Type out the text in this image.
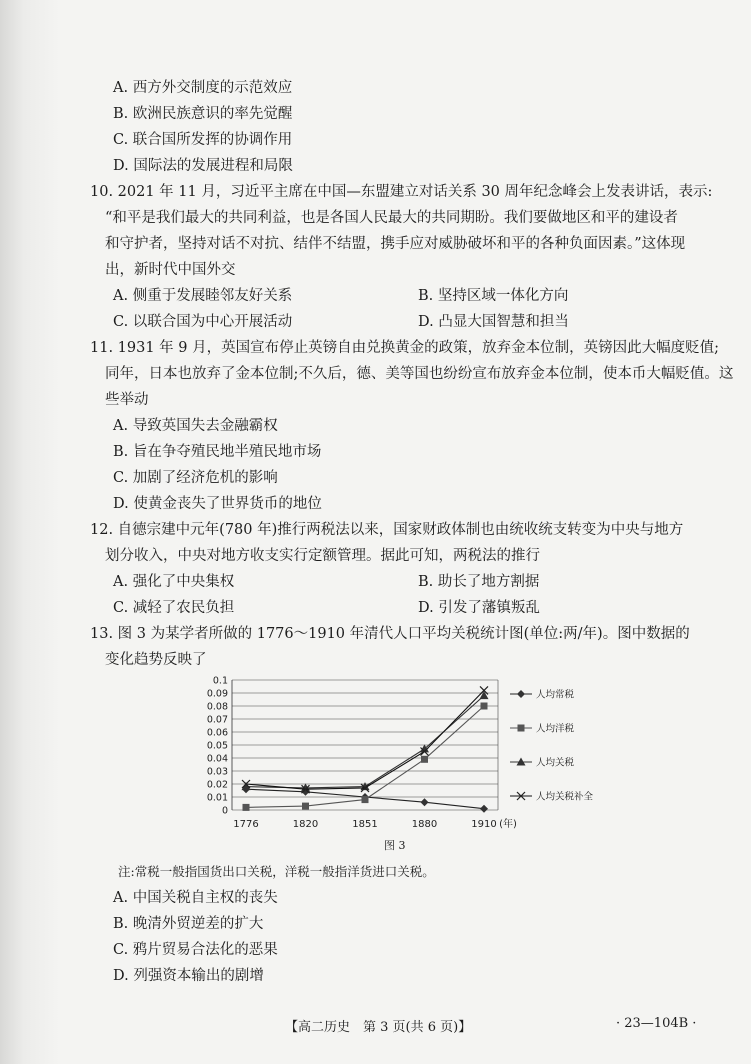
A. 西方外交制度的示范效应
B. 欧洲民族意识的率先觉醒
C. 联合国所发挥的协调作用
D. 国际法的发展进程和局限
10. 2021 年 11 月，习近平主席在中国—东盟建立对话关系 30 周年纪念峰会上发表讲话，表示:
“和平是我们最大的共同利益，也是各国人民最大的共同期盼。我们要做地区和平的建设者
和守护者，坚持对话不对抗、结伴不结盟，携手应对威胁破坏和平的各种负面因素。”这体现
出，新时代中国外交
A. 侧重于发展睦邻友好关系	B. 坚持区域一体化方向
C. 以联合国为中心开展活动	D. 凸显大国智慧和担当
11. 1931 年 9 月，英国宣布停止英镑自由兑换黄金的政策，放弃金本位制，英镑因此大幅度贬值;
同年，日本也放弃了金本位制;不久后，德、美等国也纷纷宣布放弃金本位制，使本币大幅贬值。这
些举动
A. 导致英国失去金融霸权
B. 旨在争夺殖民地半殖民地市场
C. 加剧了经济危机的影响
D. 使黄金丧失了世界货币的地位
12. 自德宗建中元年(780 年)推行两税法以来，国家财政体制也由统收统支转变为中央与地方
划分收入，中央对地方收支实行定额管理。据此可知，两税法的推行
A. 强化了中央集权	B. 助长了地方割据
C. 减轻了农民负担	D. 引发了藩镇叛乱
13. 图 3 为某学者所做的 1776～1910 年清代人口平均关税统计图(单位:两/年)。图中数据的
变化趋势反映了
0
0.01
0.02
0.03
0.04
0.05
0.06
0.07
0.08
0.09
0.1
1776	1820	1851	1880	1910 (年)
人均常税
人均洋税
人均关税
人均关税补全
图 3
注:常税一般指国货出口关税，洋税一般指洋货进口关税。
A. 中国关税自主权的丧失
B. 晚清外贸逆差的扩大
C. 鸦片贸易合法化的恶果
D. 列强资本输出的剧增
【高二历史　第 3 页(共 6 页)】	· 23—104B ·
